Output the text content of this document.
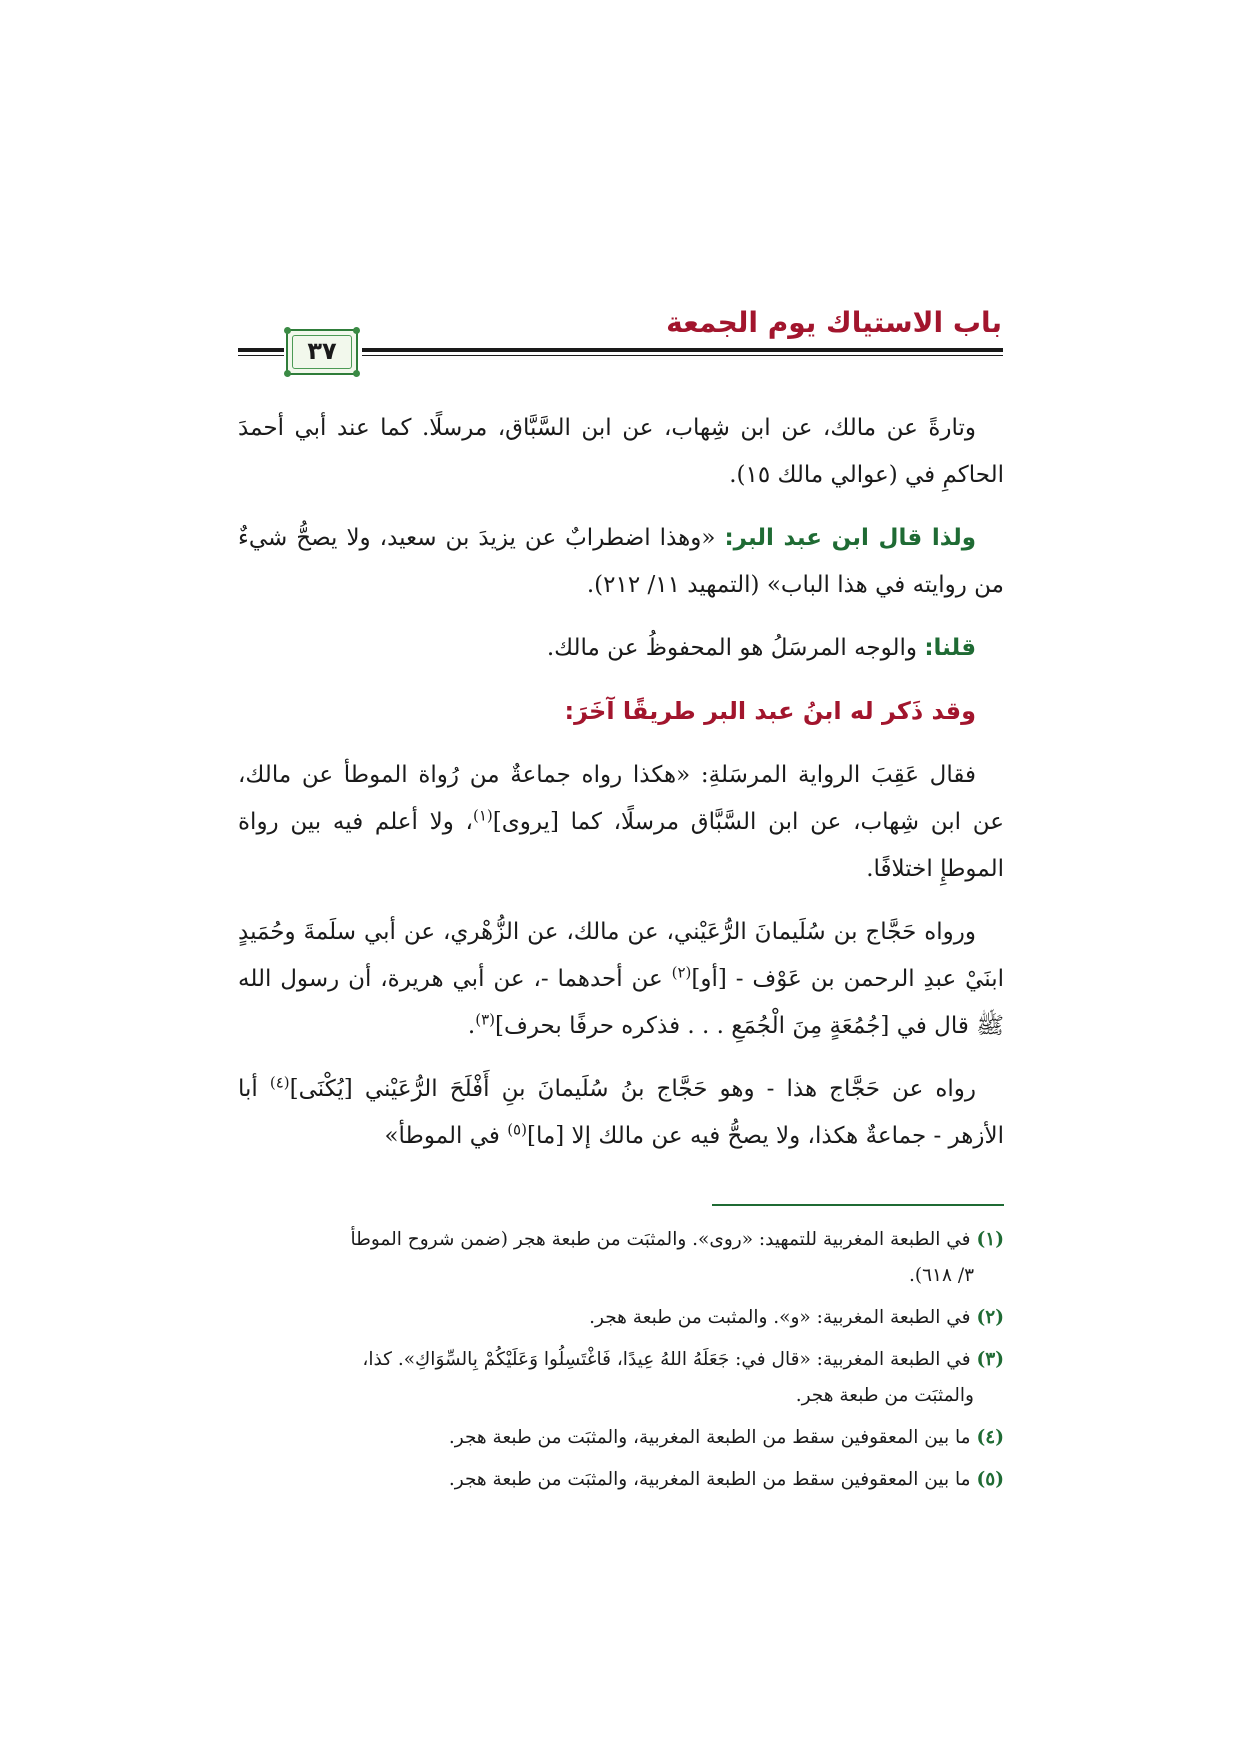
باب الاستياك يوم الجمعة
٣٧

وتارةً عن مالك، عن ابن شِهاب، عن ابن السَّبَّاق، مرسلًا. كما عند أبي أحمدَ الحاكمِ في (عوالي مالك ١٥).

ولذا قال ابن عبد البر: «وهذا اضطرابٌ عن يزيدَ بن سعيد، ولا يصحُّ شيءٌ من روايته في هذا الباب» (التمهيد ١١/ ٢١٢).

قلنا: والوجه المرسَلُ هو المحفوظُ عن مالك.

وقد ذَكر له ابنُ عبد البر طريقًا آخَرَ:

فقال عَقِبَ الرواية المرسَلةِ: «هكذا رواه جماعةٌ من رُواة الموطأ عن مالك، عن ابن شِهاب، عن ابن السَّبَّاق مرسلًا، كما [يروى]$^{(١)}$، ولا أعلم فيه بين رواة الموطإِ اختلافًا.

ورواه حَجَّاج بن سُلَيمانَ الرُّعَيْني، عن مالك، عن الزُّهْري، عن أبي سلَمةَ وحُمَيدٍ ابنَيْ عبدِ الرحمن بن عَوْف - [أو]$^{(٢)}$ عن أحدهما -، عن أبي هريرة، أن رسول الله ﷺ قال في [جُمُعَةٍ مِنَ الْجُمَعِ . . . فذكره حرفًا بحرف]$^{(٣)}$.

رواه عن حَجَّاج هذا - وهو حَجَّاج بنُ سُلَيمانَ بنِ أَفْلَحَ الرُّعَيْني [يُكْنَى]$^{(٤)}$ أبا الأزهر - جماعةٌ هكذا، ولا يصحُّ فيه عن مالك إلا [ما]$^{(٥)}$ في الموطأ»

(١)في الطبعة المغربية للتمهيد: «روى». والمثبَت من طبعة هجر (ضمن شروح الموطأ
٣/ ٦١٨).
(٢)في الطبعة المغربية: «و». والمثبت من طبعة هجر.
(٣)في الطبعة المغربية: «قال في: جَعَلَهُ اللهُ عِيدًا، فَاغْتَسِلُوا وَعَلَيْكُمْ بِالسِّوَاكِ». كذا،
والمثبَت من طبعة هجر.
(٤)ما بين المعقوفين سقط من الطبعة المغربية، والمثبَت من طبعة هجر.
(٥)ما بين المعقوفين سقط من الطبعة المغربية، والمثبَت من طبعة هجر.
